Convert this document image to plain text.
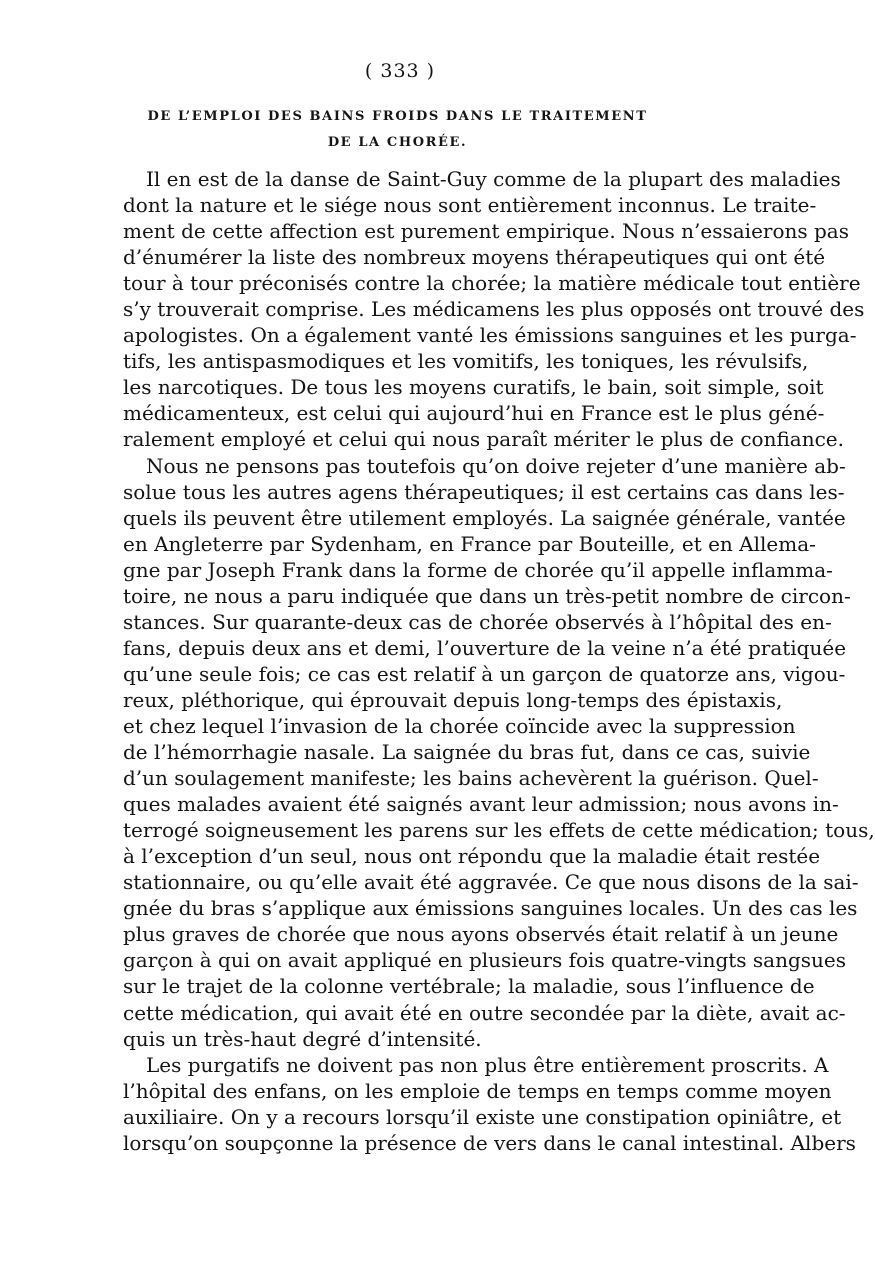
( 333 )
DE L’EMPLOI DES BAINS FROIDS DANS LE TRAITEMENT
DE LA CHORÉE.
Il en est de la danse de Saint-Guy comme de la plupart des maladies
dont la nature et le siége nous sont entièrement inconnus. Le traite-
ment de cette affection est purement empirique. Nous n’essaierons pas
d’énumérer la liste des nombreux moyens thérapeutiques qui ont été
tour à tour préconisés contre la chorée; la matière médicale tout entière
s’y trouverait comprise. Les médicamens les plus opposés ont trouvé des
apologistes. On a également vanté les émissions sanguines et les purga-
tifs, les antispasmodiques et les vomitifs, les toniques, les révulsifs,
les narcotiques. De tous les moyens curatifs, le bain, soit simple, soit
médicamenteux, est celui qui aujourd’hui en France est le plus géné-
ralement employé et celui qui nous paraît mériter le plus de confiance.
Nous ne pensons pas toutefois qu’on doive rejeter d’une manière ab-
solue tous les autres agens thérapeutiques; il est certains cas dans les-
quels ils peuvent être utilement employés. La saignée générale, vantée
en Angleterre par Sydenham, en France par Bouteille, et en Allema-
gne par Joseph Frank dans la forme de chorée qu’il appelle inflamma-
toire, ne nous a paru indiquée que dans un très-petit nombre de circon-
stances. Sur quarante-deux cas de chorée observés à l’hôpital des en-
fans, depuis deux ans et demi, l’ouverture de la veine n’a été pratiquée
qu’une seule fois; ce cas est relatif à un garçon de quatorze ans, vigou-
reux, pléthorique, qui éprouvait depuis long-temps des épistaxis,
et chez lequel l’invasion de la chorée coïncide avec la suppression
de l’hémorrhagie nasale. La saignée du bras fut, dans ce cas, suivie
d’un soulagement manifeste; les bains achevèrent la guérison. Quel-
ques malades avaient été saignés avant leur admission; nous avons in-
terrogé soigneusement les parens sur les effets de cette médication; tous,
à l’exception d’un seul, nous ont répondu que la maladie était restée
stationnaire, ou qu’elle avait été aggravée. Ce que nous disons de la sai-
gnée du bras s’applique aux émissions sanguines locales. Un des cas les
plus graves de chorée que nous ayons observés était relatif à un jeune
garçon à qui on avait appliqué en plusieurs fois quatre-vingts sangsues
sur le trajet de la colonne vertébrale; la maladie, sous l’influence de
cette médication, qui avait été en outre secondée par la diète, avait ac-
quis un très-haut degré d’intensité.
Les purgatifs ne doivent pas non plus être entièrement proscrits. A
l’hôpital des enfans, on les emploie de temps en temps comme moyen
auxiliaire. On y a recours lorsqu’il existe une constipation opiniâtre, et
lorsqu’on soupçonne la présence de vers dans le canal intestinal. Albers
